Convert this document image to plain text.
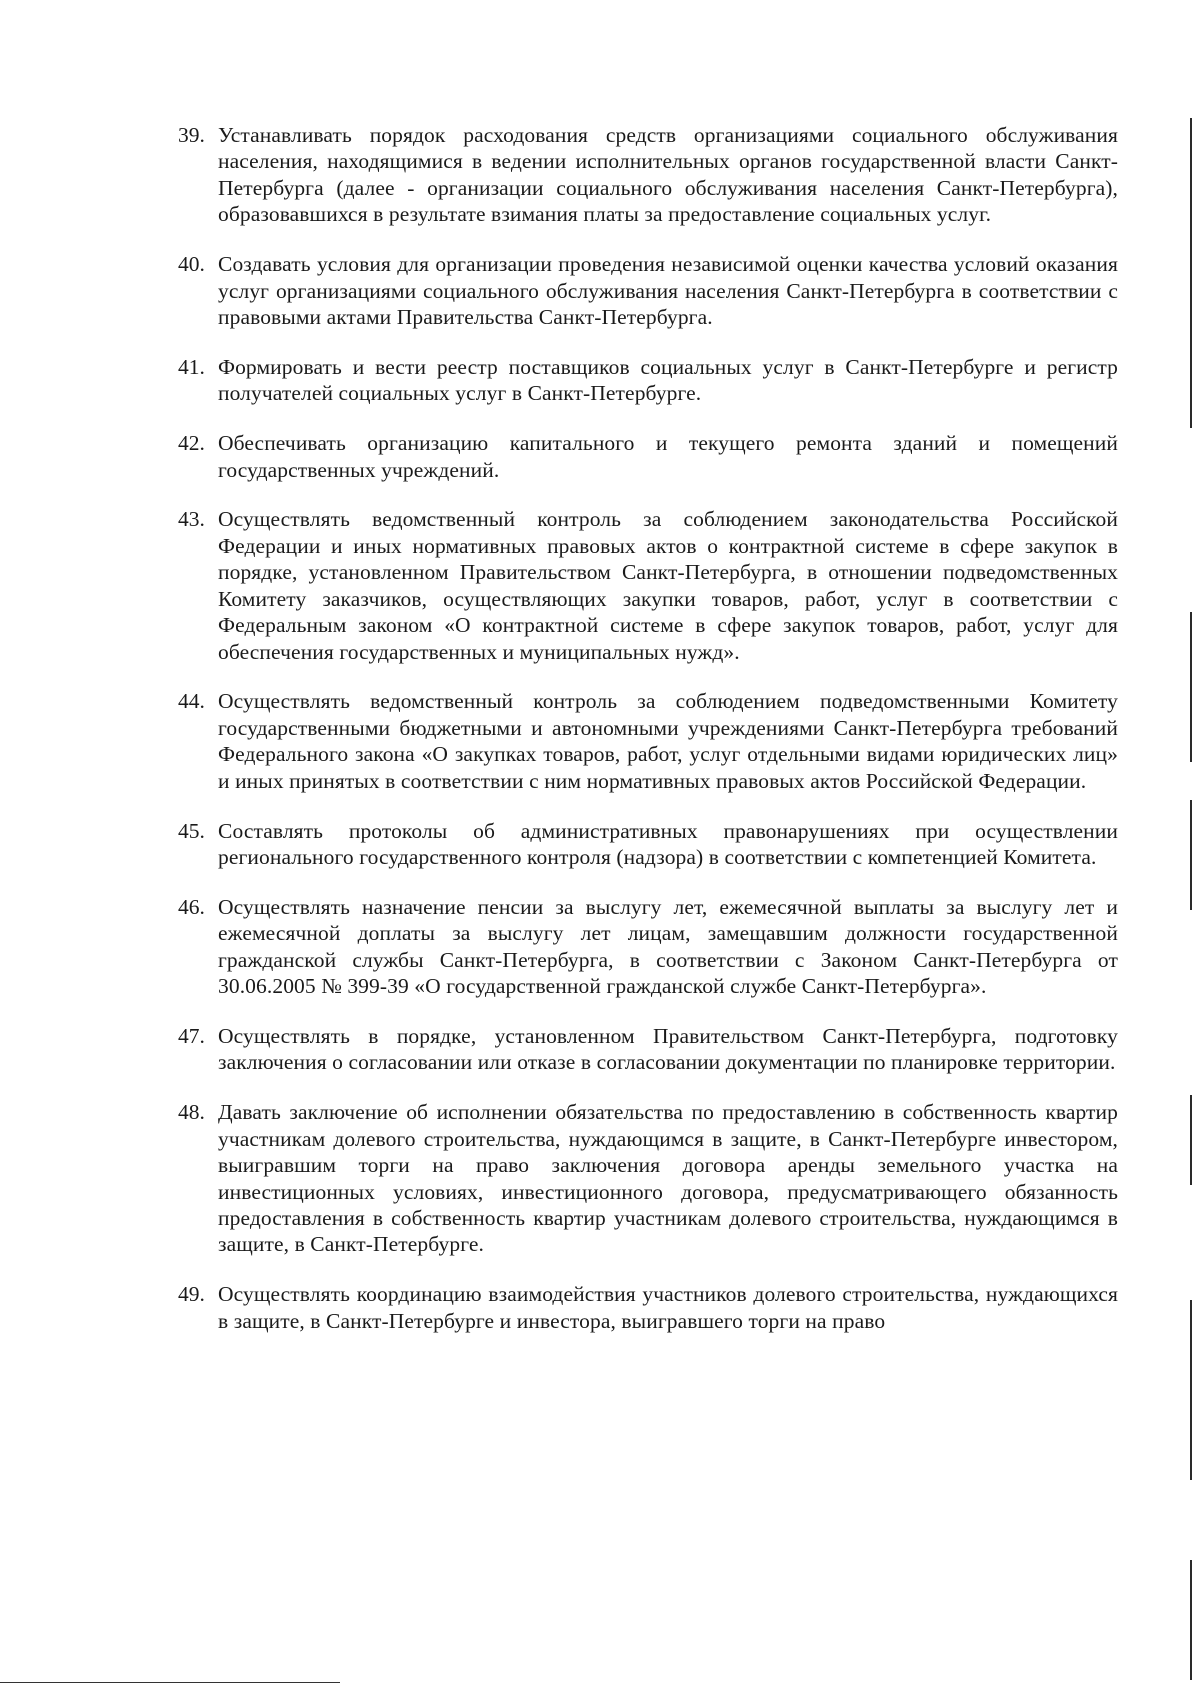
39. Устанавливать порядок расходования средств организациями социального обслуживания населения, находящимися в ведении исполнительных органов государственной власти Санкт-Петербурга (далее - организации социального обслуживания населения Санкт-Петербурга), образовавшихся в результате взимания платы за предоставление социальных услуг.
40. Создавать условия для организации проведения независимой оценки качества условий оказания услуг организациями социального обслуживания населения Санкт-Петербурга в соответствии с правовыми актами Правительства Санкт-Петербурга.
41. Формировать и вести реестр поставщиков социальных услуг в Санкт-Петербурге и регистр получателей социальных услуг в Санкт-Петербурге.
42. Обеспечивать организацию капитального и текущего ремонта зданий и помещений государственных учреждений.
43. Осуществлять ведомственный контроль за соблюдением законодательства Российской Федерации и иных нормативных правовых актов о контрактной системе в сфере закупок в порядке, установленном Правительством Санкт-Петербурга, в отношении подведомственных Комитету заказчиков, осуществляющих закупки товаров, работ, услуг в соответствии с Федеральным законом «О контрактной системе в сфере закупок товаров, работ, услуг для обеспечения государственных и муниципальных нужд».
44. Осуществлять ведомственный контроль за соблюдением подведомственными Комитету государственными бюджетными и автономными учреждениями Санкт-Петербурга требований Федерального закона «О закупках товаров, работ, услуг отдельными видами юридических лиц» и иных принятых в соответствии с ним нормативных правовых актов Российской Федерации.
45. Составлять протоколы об административных правонарушениях при осуществлении регионального государственного контроля (надзора) в соответствии с компетенцией Комитета.
46. Осуществлять назначение пенсии за выслугу лет, ежемесячной выплаты за выслугу лет и ежемесячной доплаты за выслугу лет лицам, замещавшим должности государственной гражданской службы Санкт-Петербурга, в соответствии с Законом Санкт-Петербурга от 30.06.2005 № 399-39 «О государственной гражданской службе Санкт-Петербурга».
47. Осуществлять в порядке, установленном Правительством Санкт-Петербурга, подготовку заключения о согласовании или отказе в согласовании документации по планировке территории.
48. Давать заключение об исполнении обязательства по предоставлению в собственность квартир участникам долевого строительства, нуждающимся в защите, в Санкт-Петербурге инвестором, выигравшим торги на право заключения договора аренды земельного участка на инвестиционных условиях, инвестиционного договора, предусматривающего обязанность предоставления в собственность квартир участникам долевого строительства, нуждающимся в защите, в Санкт-Петербурге.
49. Осуществлять координацию взаимодействия участников долевого строительства, нуждающихся в защите, в Санкт-Петербурге и инвестора, выигравшего торги на право
